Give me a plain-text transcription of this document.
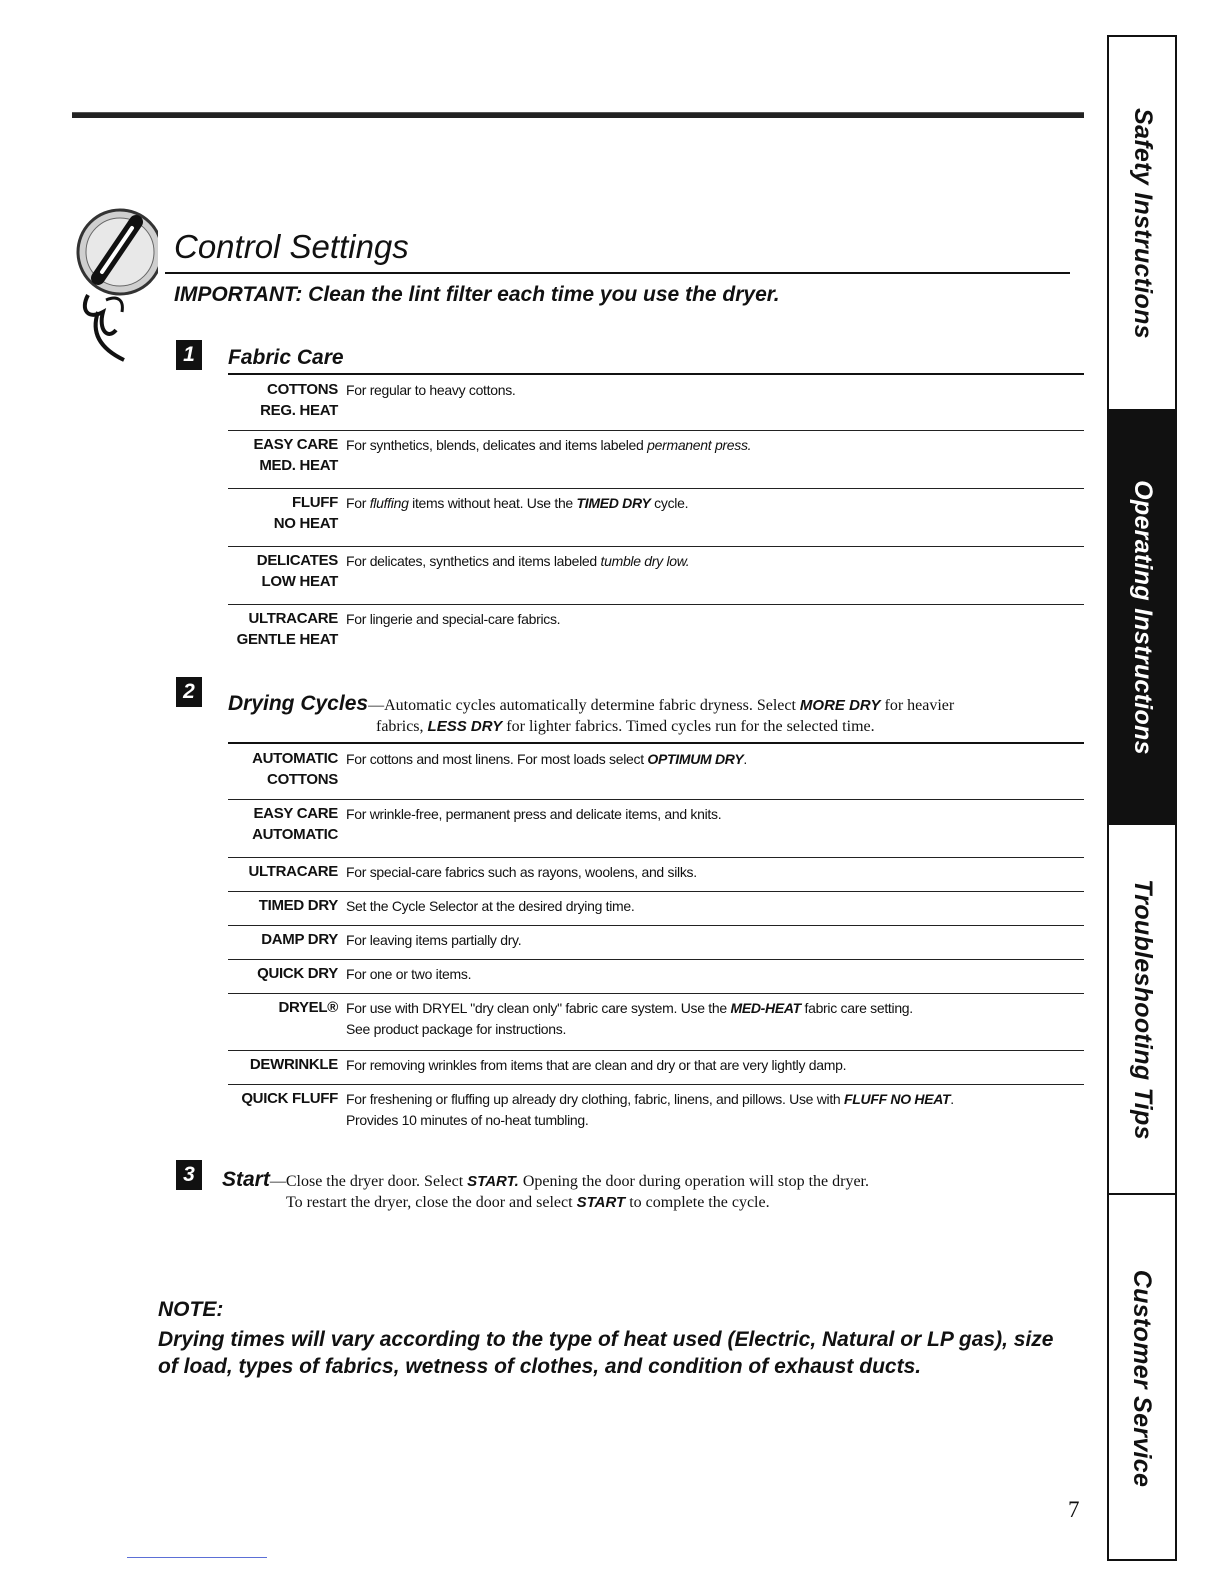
Safety Instructions
Operating Instructions
Troubleshooting Tips
Customer Service
Control Settings
IMPORTANT: Clean the lint filter each time you use the dryer.
1	Fabric Care
COTTONS
REG. HEAT
For regular to heavy cottons.
EASY CARE
MED. HEAT
For synthetics, blends, delicates and items labeled permanent press.
FLUFF
NO HEAT
For fluffing items without heat. Use the TIMED DRY cycle.
DELICATES
LOW HEAT
For delicates, synthetics and items labeled tumble dry low.
ULTRACARE
GENTLE HEAT
For lingerie and special-care fabrics.
2
Drying Cycles—Automatic cycles automatically determine fabric dryness. Select MORE DRY for heavier
fabrics, LESS DRY for lighter fabrics. Timed cycles run for the selected time.
AUTOMATIC
COTTONS
For cottons and most linens. For most loads select OPTIMUM DRY.
EASY CARE
AUTOMATIC
For wrinkle-free, permanent press and delicate items, and knits.
ULTRACARE For special-care fabrics such as rayons, woolens, and silks.
TIMED DRY Set the Cycle Selector at the desired drying time.
DAMP DRY For leaving items partially dry.
QUICK DRY For one or two items.
DRYEL® For use with DRYEL "dry clean only" fabric care system. Use the MED-HEAT fabric care setting.
See product package for instructions.
DEWRINKLE For removing wrinkles from items that are clean and dry or that are very lightly damp.
QUICK FLUFF For freshening or fluffing up already dry clothing, fabric, linens, and pillows. Use with FLUFF NO HEAT.
Provides 10 minutes of no-heat tumbling.
3	Start—Close the dryer door. Select START. Opening the door during operation will stop the dryer.
To restart the dryer, close the door and select START to complete the cycle.
NOTE:
Drying times will vary according to the type of heat used (Electric, Natural or LP gas), size of load, types of fabrics, wetness of clothes, and condition of exhaust ducts.
7
